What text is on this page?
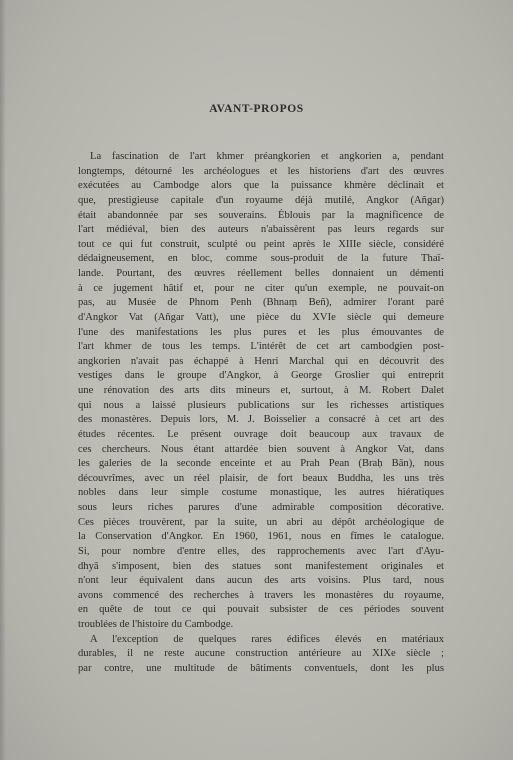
AVANT-PROPOS

La fascination de l'art khmer préangkorien et angkorien a, pendant
longtemps, détourné les archéologues et les historiens d'art des œuvres
exécutées au Cambodge alors que la puissance khmère déclinait et
que, prestigieuse capitale d'un royaume déjà mutilé, Angkor (Añgar)
était abandonnée par ses souverains. Éblouis par la magnificence de
l'art médiéval, bien des auteurs n'abaissèrent pas leurs regards sur
tout ce qui fut construit, sculpté ou peint après le XIIIe siècle, considéré
dédaigneusement, en bloc, comme sous-produit de la future Thaï-
lande. Pourtant, des œuvres réellement belles donnaient un démenti
à ce jugement hâtif et, pour ne citer qu'un exemple, ne pouvait-on
pas, au Musée de Phnom Penh (Bhnaṃ Beñ), admirer l'orant paré
d'Angkor Vat (Añgar Vatt), une pièce du XVIe siècle qui demeure
l'une des manifestations les plus pures et les plus émouvantes de
l'art khmer de tous les temps. L'intérêt de cet art cambodgien post-
angkorien n'avait pas échappé à Henri Marchal qui en découvrit des
vestiges dans le groupe d'Angkor, à George Groslier qui entreprit
une rénovation des arts dits mineurs et, surtout, à M. Robert Dalet
qui nous a laissé plusieurs publications sur les richesses artistiques
des monastères. Depuis lors, M. J. Boisselier a consacré à cet art des
études récentes. Le présent ouvrage doit beaucoup aux travaux de
ces chercheurs. Nous étant attardée bien souvent à Angkor Vat, dans
les galeries de la seconde enceinte et au Prah Pean (Braḥ Bān), nous
découvrîmes, avec un réel plaisir, de fort beaux Buddha, les uns très
nobles dans leur simple costume monastique, les autres hiératiques
sous leurs riches parures d'une admirable composition décorative.
Ces pièces trouvèrent, par la suite, un abri au dépôt archéologique de
la Conservation d'Angkor. En 1960, 1961, nous en fîmes le catalogue.
Si, pour nombre d'entre elles, des rapprochements avec l'art d'Ayu-
dhyā s'imposent, bien des statues sont manifestement originales et
n'ont leur équivalent dans aucun des arts voisins. Plus tard, nous
avons commencé des recherches à travers les monastères du royaume,
en quête de tout ce qui pouvait subsister de ces périodes souvent
troublées de l'histoire du Cambodge.

A l'exception de quelques rares édifices élevés en matériaux
durables, il ne reste aucune construction antérieure au XIXe siècle ;
par contre, une multitude de bâtiments conventuels, dont les plus
